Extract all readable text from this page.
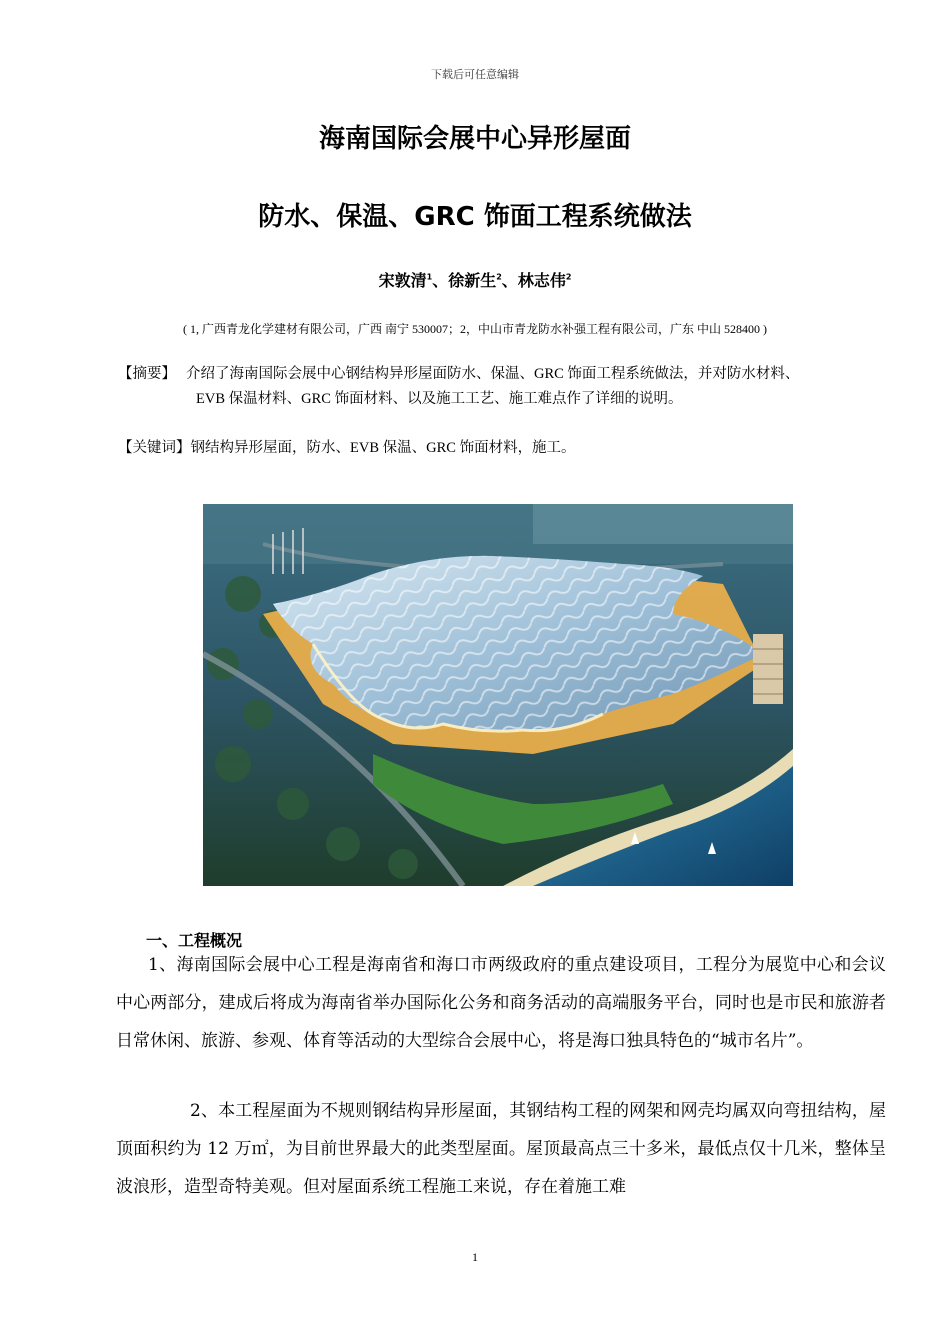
下载后可任意编辑
海南国际会展中心异形屋面
防水、保温、GRC 饰面工程系统做法
宋敦清$^1$、徐新生$^2$、林志伟$^2$
( 1, 广西青龙化学建材有限公司，广西 南宁 530007；2，中山市青龙防水补强工程有限公司，广东 中山 528400 )
【摘要】 介绍了海南国际会展中心钢结构异形屋面防水、保温、GRC 饰面工程系统做法，并对防水材料、
EVB 保温材料、GRC 饰面材料、以及施工工艺、施工难点作了详细的说明。
【关键词】钢结构异形屋面，防水、EVB 保温、GRC 饰面材料，施工。
一、工程概况
1、海南国际会展中心工程是海南省和海口市两级政府的重点建设项目，工程分为展览中心和会议中心两部分，建成后将成为海南省举办国际化公务和商务活动的高端服务平台，同时也是市民和旅游者日常休闲、旅游、参观、体育等活动的大型综合会展中心，将是海口独具特色的“城市名片”。
2、本工程屋面为不规则钢结构异形屋面，其钢结构工程的网架和网壳均属双向弯扭结构，屋顶面积约为 12 万㎡，为目前世界最大的此类型屋面。屋顶最高点三十多米，最低点仅十几米，整体呈波浪形，造型奇特美观。但对屋面系统工程施工来说，存在着施工难
1
